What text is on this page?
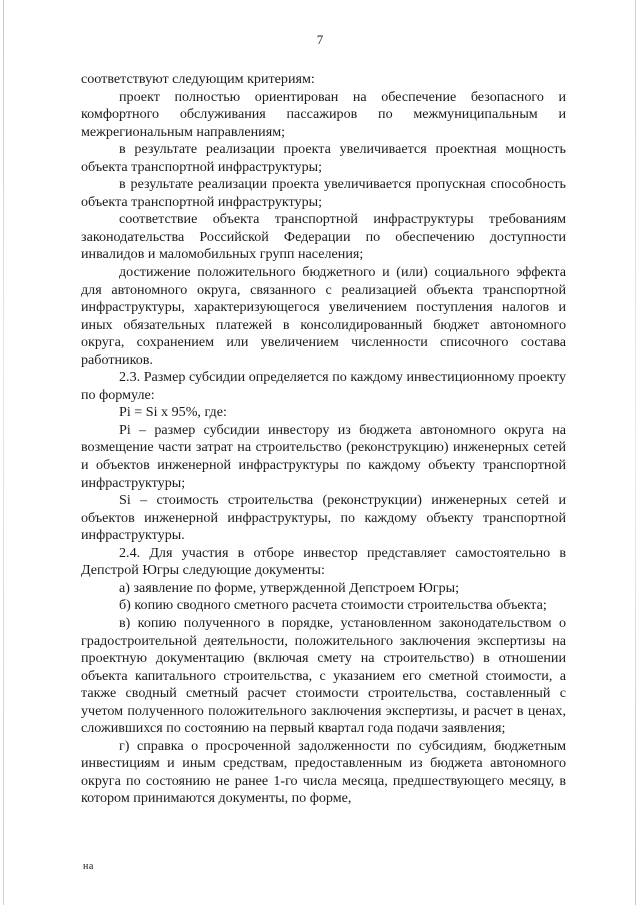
7

соответствуют следующим критериям:

проект полностью ориентирован на обеспечение безопасного и комфортного обслуживания пассажиров по межмуниципальным и межрегиональным направлениям;

в результате реализации проекта увеличивается проектная мощность объекта транспортной инфраструктуры;

в результате реализации проекта увеличивается пропускная способность объекта транспортной инфраструктуры;

соответствие объекта транспортной инфраструктуры требованиям законодательства Российской Федерации по обеспечению доступности инвалидов и маломобильных групп населения;

достижение положительного бюджетного и (или) социального эффекта для автономного округа, связанного с реализацией объекта транспортной инфраструктуры, характеризующегося увеличением поступления налогов и иных обязательных платежей в консолидированный бюджет автономного округа, сохранением или увеличением численности списочного состава работников.

2.3. Размер субсидии определяется по каждому инвестиционному проекту по формуле:

Pi = Si x 95%, где:

Pi – размер субсидии инвестору из бюджета автономного округа на возмещение части затрат на строительство (реконструкцию) инженерных сетей и объектов инженерной инфраструктуры по каждому объекту транспортной инфраструктуры;

Si – стоимость строительства (реконструкции) инженерных сетей и объектов инженерной инфраструктуры, по каждому объекту транспортной инфраструктуры.

2.4. Для участия в отборе инвестор представляет самостоятельно в Депстрой Югры следующие документы:

а) заявление по форме, утвержденной Депстроем Югры;

б) копию сводного сметного расчета стоимости строительства объекта;

в) копию полученного в порядке, установленном законодательством о градостроительной деятельности, положительного заключения экспертизы на проектную документацию (включая смету на строительство) в отношении объекта капитального строительства, с указанием его сметной стоимости, а также сводный сметный расчет стоимости строительства, составленный с учетом полученного положительного заключения экспертизы, и расчет в ценах, сложившихся по состоянию на первый квартал года подачи заявления;

г) справка о просроченной задолженности по субсидиям, бюджетным инвестициям и иным средствам, предоставленным из бюджета автономного округа по состоянию не ранее 1-го числа месяца, предшествующего месяцу, в котором принимаются документы, по форме,

на
